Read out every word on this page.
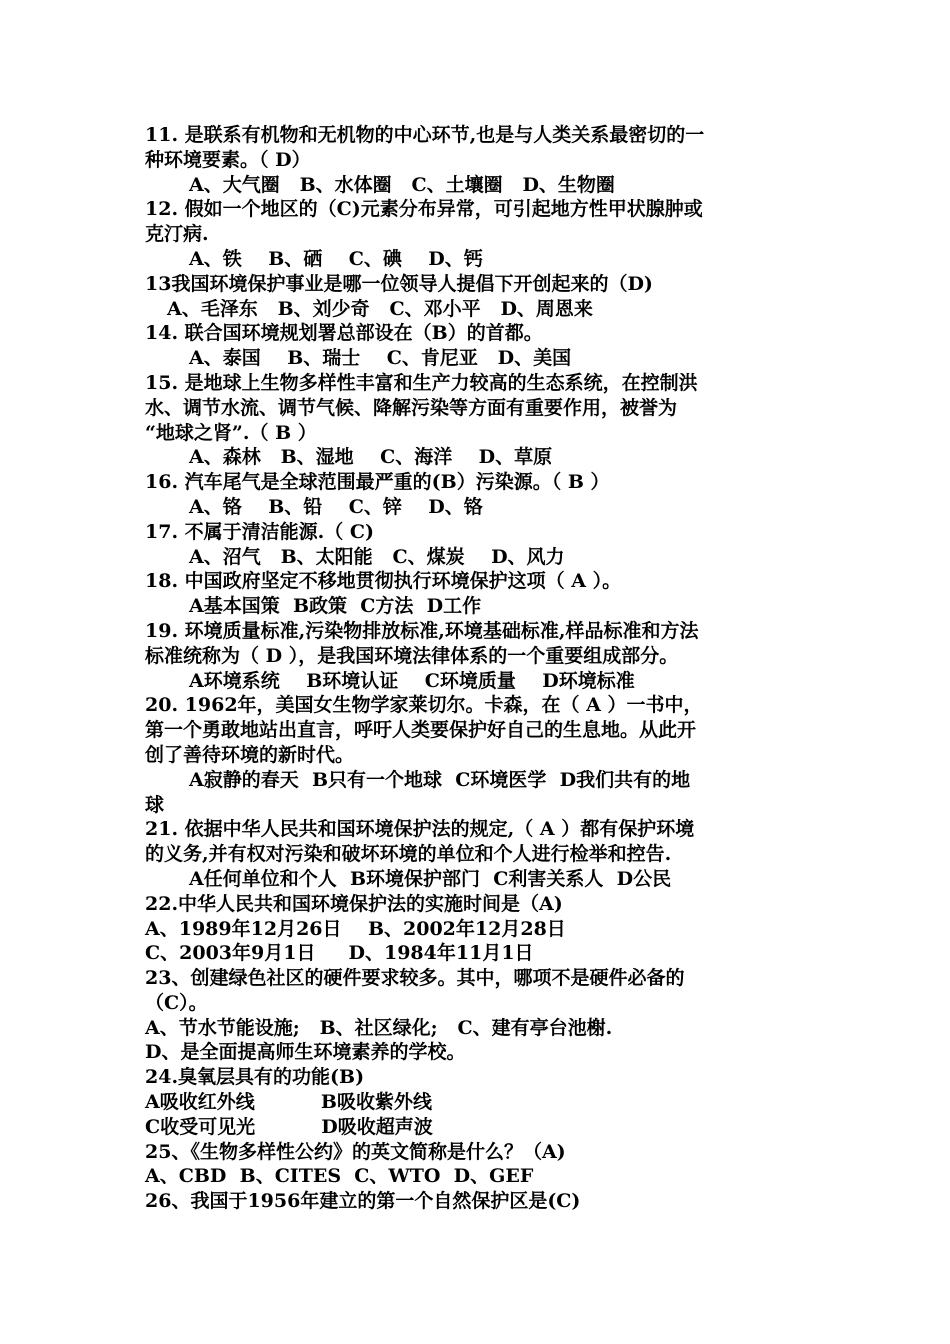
11. 是联系有机物和无机物的中心环节,也是与人类关系最密切的一
种环境要素。（ D）
A、大气圈   B、水体圈   C、土壤圈   D、生物圈
12. 假如一个地区的（C)元素分布异常，可引起地方性甲状腺肿或
克汀病.
A、铁    B、硒    C、碘    D、钙
13我国环境保护事业是哪一位领导人提倡下开创起来的（D)
A、毛泽东   B、刘少奇   C、邓小平   D、周恩来
14. 联合国环境规划署总部设在（B）的首都。
A、泰国    B、瑞士    C、肯尼亚   D、美国
15. 是地球上生物多样性丰富和生产力较高的生态系统，在控制洪
水、调节水流、调节气候、降解污染等方面有重要作用，被誉为
“地球之肾”.（ B ）
A、森林   B、湿地    C、海洋    D、草原
16. 汽车尾气是全球范围最严重的(B）污染源。（ B ）
A、铬    B、铅    C、锌    D、铬
17. 不属于清洁能源.（ C)
A、沼气   B、太阳能   C、煤炭    D、风力
18. 中国政府坚定不移地贯彻执行环境保护这项（ A ）。
A基本国策  B政策  C方法  D工作
19. 环境质量标准,污染物排放标准,环境基础标准,样品标准和方法
标准统称为（ D ），是我国环境法律体系的一个重要组成部分。
A环境系统    B环境认证    C环境质量    D环境标准
20. 1962年，美国女生物学家莱切尔。卡森，在（ A ）一书中，
第一个勇敢地站出直言，呼吁人类要保护好自己的生息地。从此开
创了善待环境的新时代。
A寂静的春天  B只有一个地球  C环境医学  D我们共有的地
球
21. 依据中华人民共和国环境保护法的规定,（ A ）都有保护环境
的义务,并有权对污染和破坏环境的单位和个人进行检举和控告.
A任何单位和个人  B环境保护部门  C利害关系人  D公民
22.中华人民共和国环境保护法的实施时间是（A)
A、1989年12月26日    B、2002年12月28日
C、2003年9月1日     D、1984年11月1日
23、创建绿色社区的硬件要求较多。其中，哪项不是硬件必备的
（C）。
A、节水节能设施;   B、社区绿化;   C、建有亭台池榭.
D、是全面提高师生环境素养的学校。
24.臭氧层具有的功能(B)
A吸收红外线          B吸收紫外线
C收受可见光          D吸收超声波
25、《生物多样性公约》的英文简称是什么？（A)
A、CBD  B、CITES  C、WTO  D、GEF
26、我国于1956年建立的第一个自然保护区是(C)
